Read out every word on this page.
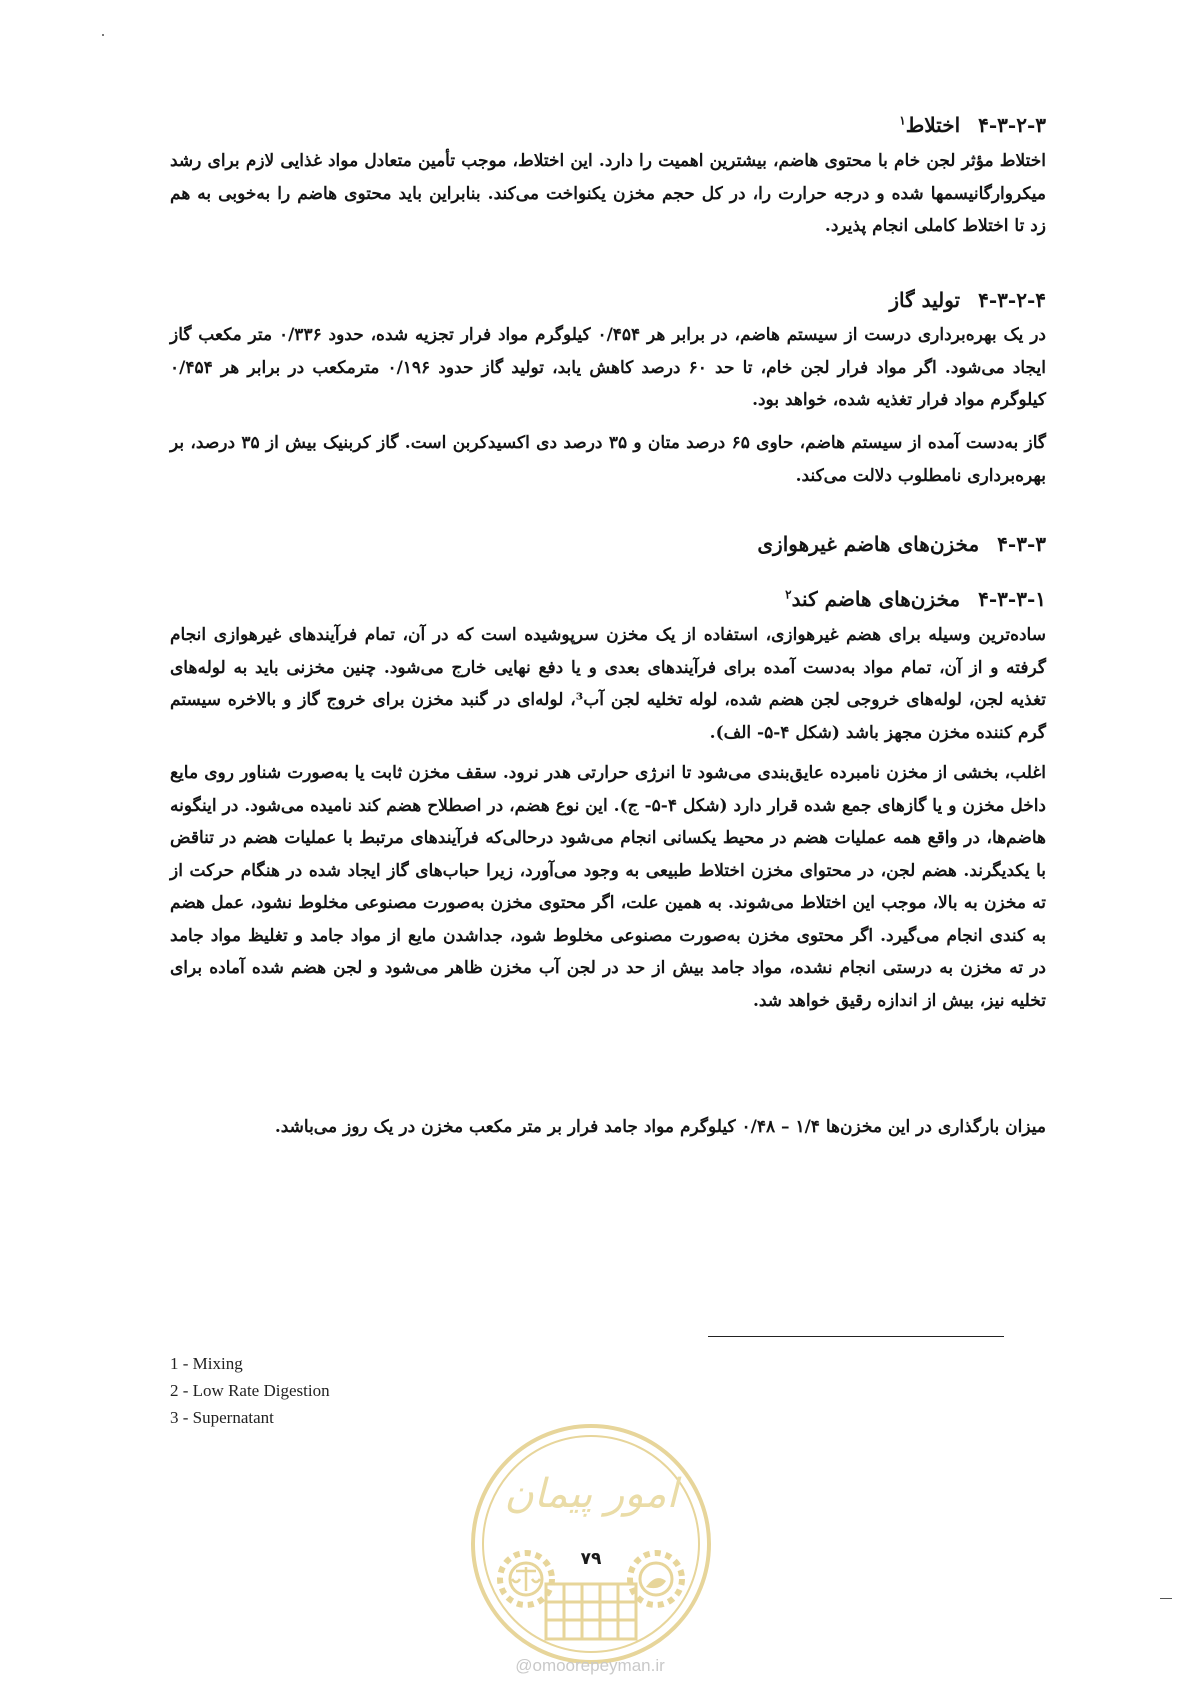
۴-۳-۲-۳اختلاط$^۱$
اختلاط مؤثر لجن خام با محتوی هاضم، بیشترین اهمیت را دارد. این اختلاط، موجب تأمین متعادل مواد غذایی لازم برای رشد میکروارگانیسمها شده و درجه حرارت را، در کل حجم مخزن یکنواخت می‌کند. بنابراین باید محتوی هاضم را به‌خوبی به هم زد تا اختلاط کاملی انجام پذیرد.
۴-۳-۲-۴تولید گاز
در یک بهره‌برداری درست از سیستم هاضم، در برابر هر ۰/۴۵۴ کیلوگرم مواد فرار تجزیه شده، حدود ۰/۳۳۶ متر مکعب گاز ایجاد می‌شود. اگر مواد فرار لجن خام، تا حد ۶۰ درصد کاهش یابد، تولید گاز حدود ۰/۱۹۶ مترمکعب در برابر هر ۰/۴۵۴ کیلوگرم مواد فرار تغذیه شده، خواهد بود.
گاز به‌دست آمده از سیستم هاضم، حاوی ۶۵ درصد متان و ۳۵ درصد دی اکسیدکربن است. گاز کربنیک بیش از ۳۵ درصد، بر بهره‌برداری نامطلوب دلالت می‌کند.
۴-۳-۳مخزن‌های هاضم غیرهوازی
۴-۳-۳-۱مخزن‌های هاضم کند$^۲$
ساده‌ترین وسیله برای هضم غیرهوازی، استفاده از یک مخزن سرپوشیده است که در آن، تمام فرآیندهای غیرهوازی انجام گرفته و از آن، تمام مواد به‌دست آمده برای فرآیندهای بعدی و یا دفع نهایی خارج می‌شود. چنین مخزنی باید به لوله‌های تغذیه لجن، لوله‌های خروجی لجن هضم شده، لوله تخلیه لجن آب³، لوله‌ای در گنبد مخزن برای خروج گاز و بالاخره سیستم گرم کننده مخزن مجهز باشد (شکل ۴-۵- الف).
اغلب، بخشی از مخزن نامبرده عایق‌بندی می‌شود تا انرژی حرارتی هدر نرود. سقف مخزن ثابت یا به‌صورت شناور روی مایع داخل مخزن و یا گازهای جمع شده قرار دارد (شکل ۴-۵- ج). این نوع هضم، در اصطلاح هضم کند نامیده می‌شود. در اینگونه هاضم‌ها، در واقع همه عملیات هضم در محیط یکسانی انجام می‌شود درحالی‌که فرآیندهای مرتبط با عملیات هضم در تناقض با یکدیگرند. هضم لجن، در محتوای مخزن اختلاط طبیعی به وجود می‌آورد، زیرا حباب‌های گاز ایجاد شده در هنگام حرکت از ته مخزن به بالا، موجب این اختلاط می‌شوند. به همین علت، اگر محتوی مخزن به‌صورت مصنوعی مخلوط نشود، عمل هضم به کندی انجام می‌گیرد. اگر محتوی مخزن به‌صورت مصنوعی مخلوط شود، جداشدن مایع از مواد جامد و تغلیظ مواد جامد در ته مخزن به درستی انجام نشده، مواد جامد بیش از حد در لجن آب مخزن ظاهر می‌شود و لجن هضم شده آماده برای تخلیه نیز، بیش از اندازه رقیق خواهد شد.
میزان بارگذاری در این مخزن‌ها ۱/۴ – ۰/۴۸ کیلوگرم مواد جامد فرار بر متر مکعب مخزن در یک روز می‌باشد.
1 - Mixing
2 - Low Rate Digestion
3 - Supernatant
امور پیمان
۷۹
@omoorepeyman.ir
